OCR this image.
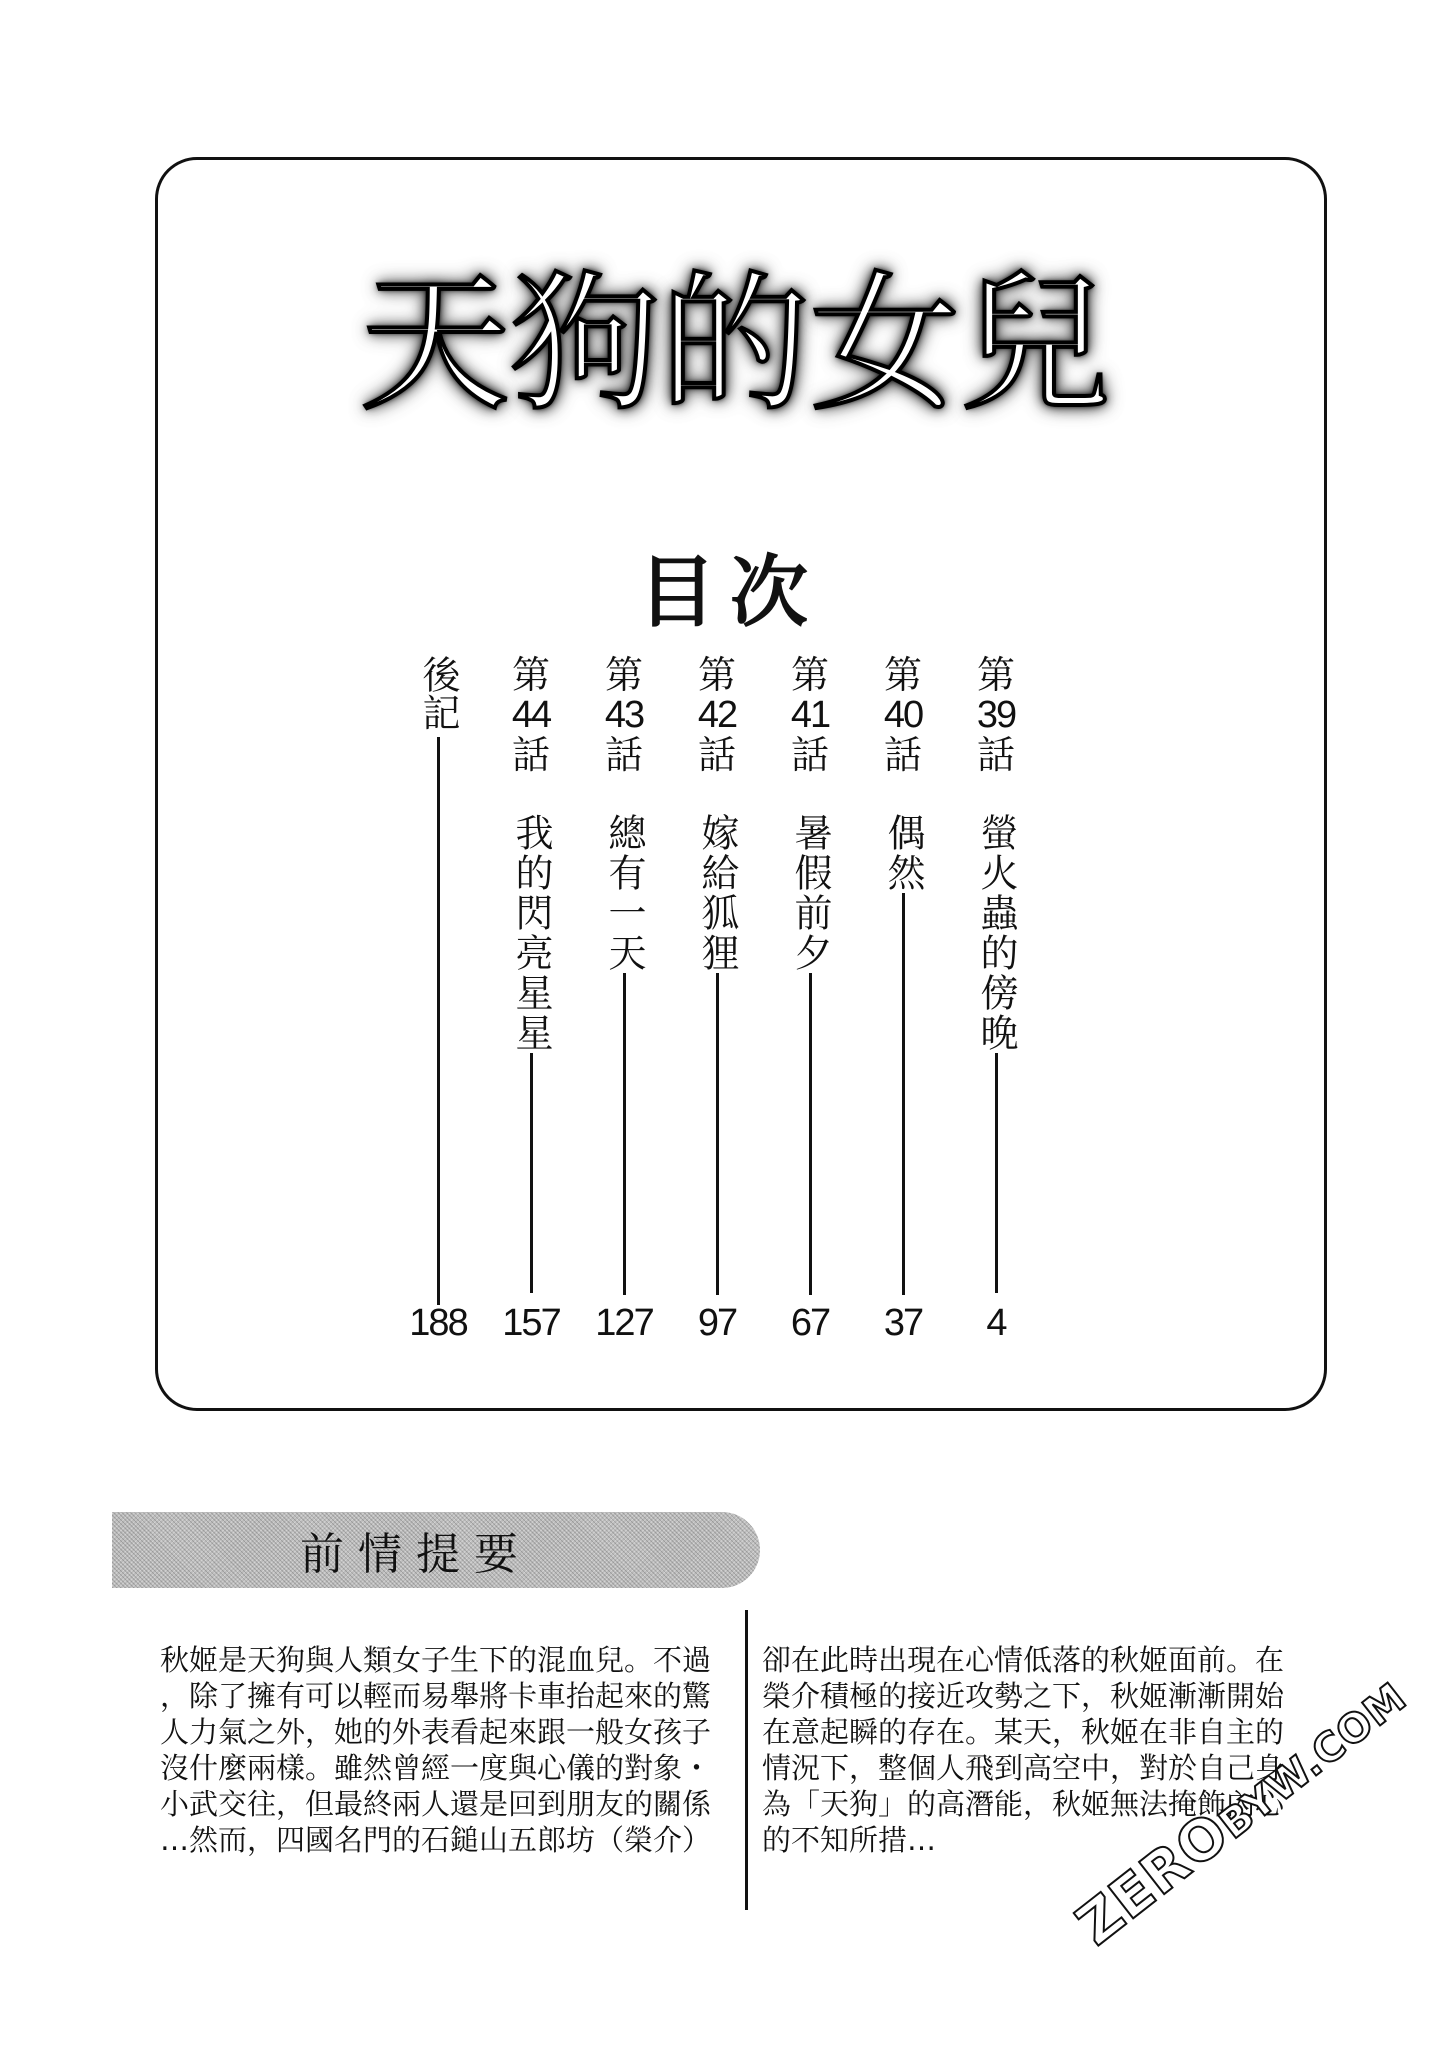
天 狗 的 女 兒
目次
第
39
話
螢火蟲的傍晚
4
第
40
話
偶然
37
第
41
話
暑假前夕
67
第
42
話
嫁給狐狸
97
第
43
話
總有一天
127
第
44
話
我的閃亮星星
157
後記
188
前情提要
秋姬是天狗與人類女子生下的混血兒。不過
，除了擁有可以輕而易舉將卡車抬起來的驚
人力氣之外，她的外表看起來跟一般女孩子
沒什麼兩樣。雖然曾經一度與心儀的對象・
小武交往，但最終兩人還是回到朋友的關係
…然而，四國名門的石鎚山五郎坊（榮介）
卻在此時出現在心情低落的秋姬面前。在
榮介積極的接近攻勢之下，秋姬漸漸開始
在意起瞬的存在。某天，秋姬在非自主的
情況下，整個人飛到高空中，對於自己身
為「天狗」的高潛能，秋姬無法掩飾內心
的不知所措…	ZEROBYW.COM
